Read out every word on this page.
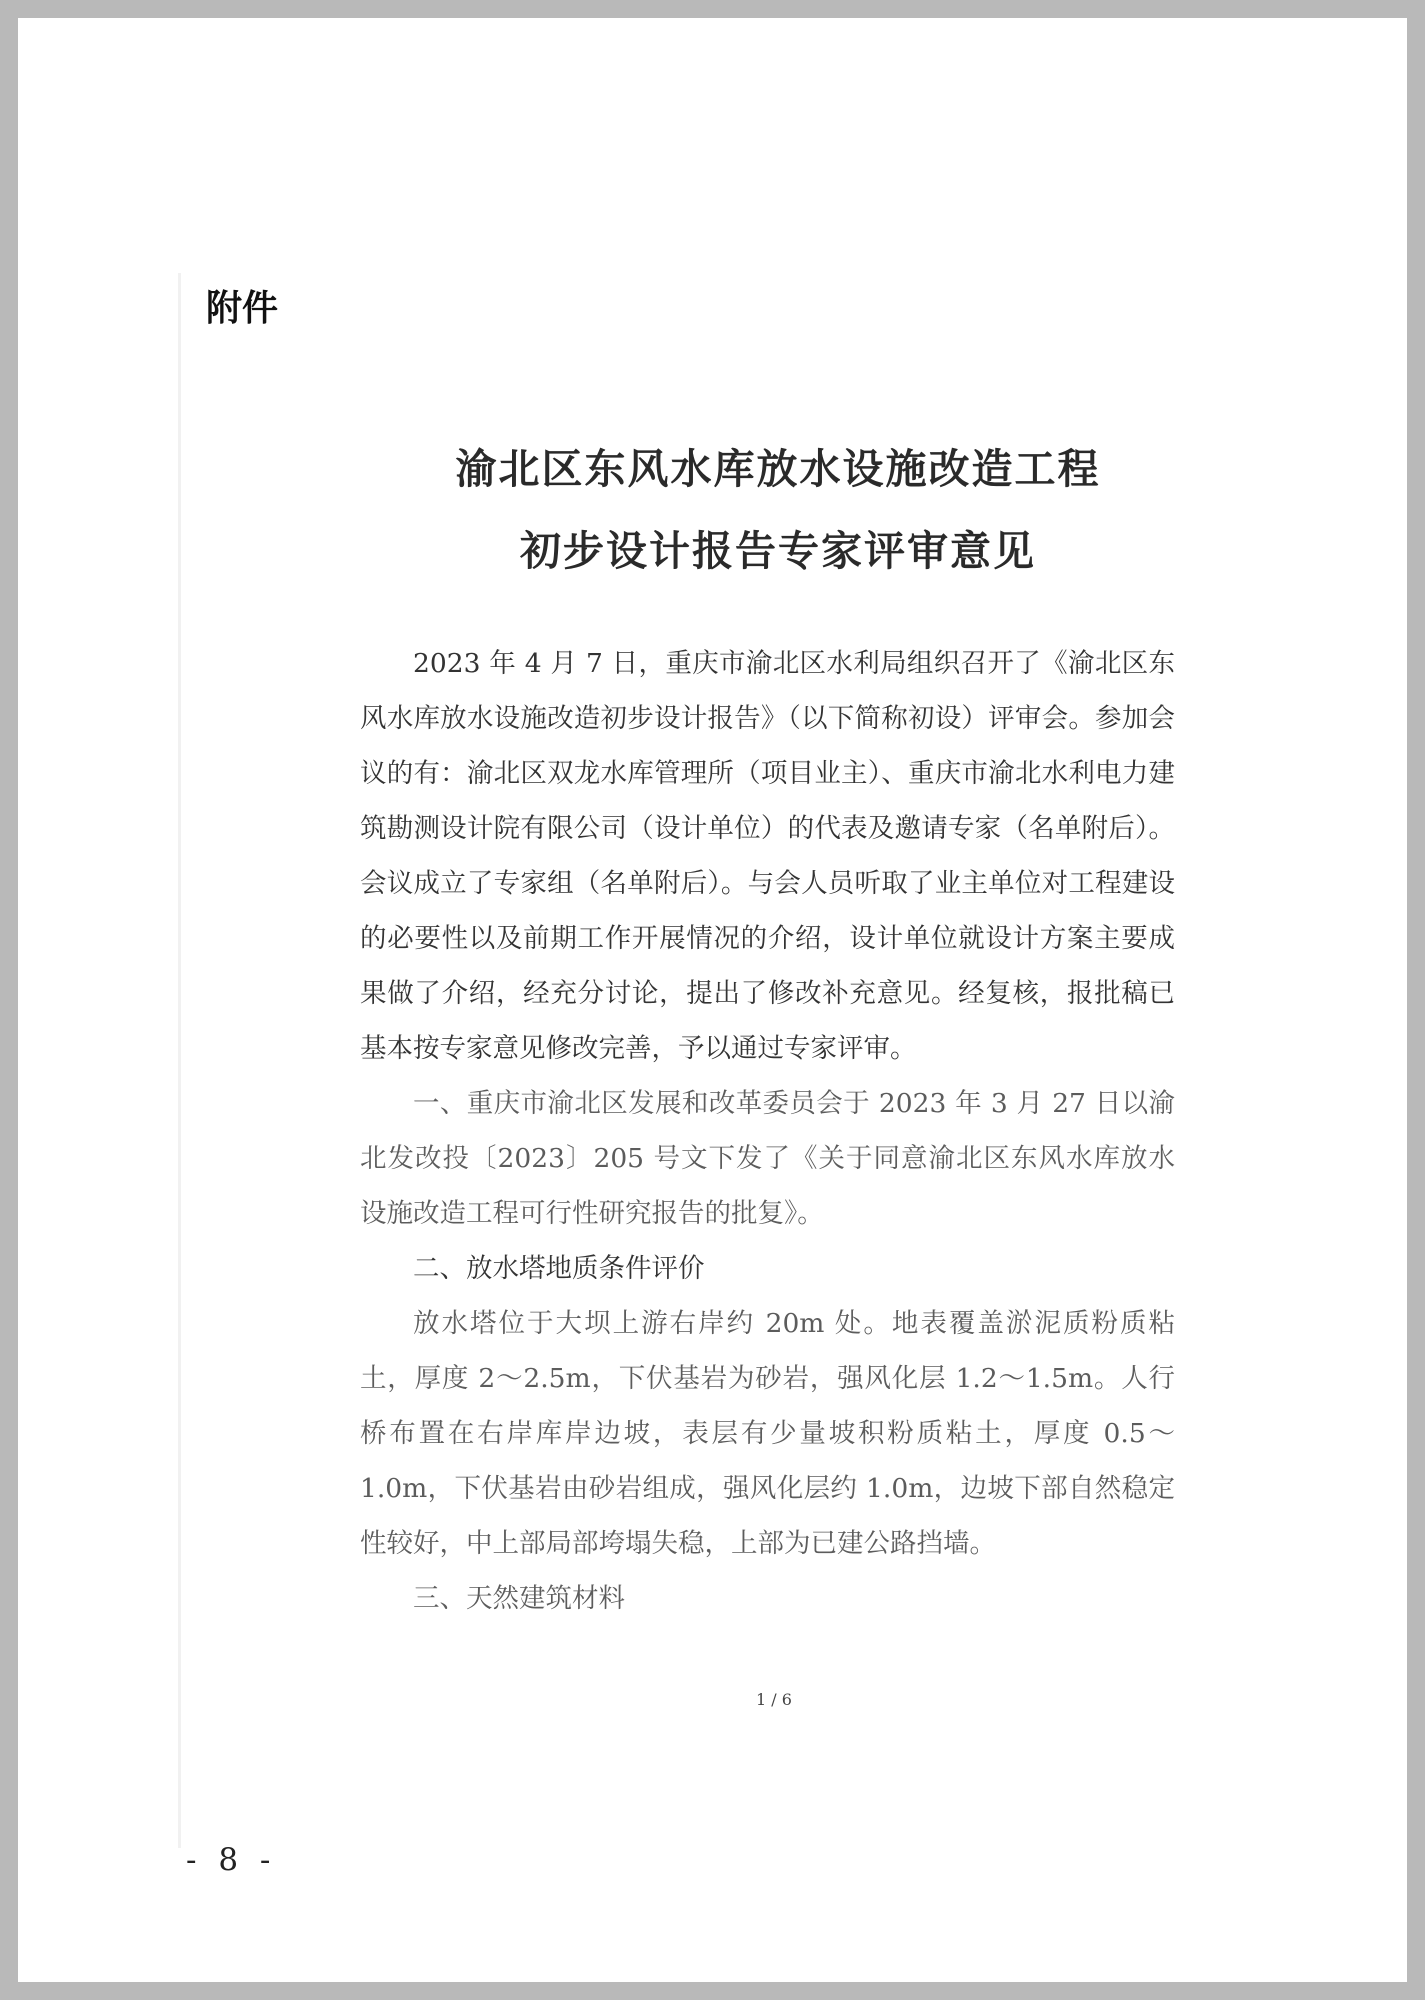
附件

渝北区东风水库放水设施改造工程
初步设计报告专家评审意见

2023 年 4 月 7 日，重庆市渝北区水利局组织召开了《渝北区东风水库放水设施改造初步设计报告》（以下简称初设）评审会。参加会议的有：渝北区双龙水库管理所（项目业主）、重庆市渝北水利电力建筑勘测设计院有限公司（设计单位）的代表及邀请专家（名单附后）。会议成立了专家组（名单附后）。与会人员听取了业主单位对工程建设的必要性以及前期工作开展情况的介绍，设计单位就设计方案主要成果做了介绍，经充分讨论，提出了修改补充意见。经复核，报批稿已基本按专家意见修改完善，予以通过专家评审。

一、重庆市渝北区发展和改革委员会于 2023 年 3 月 27 日以渝北发改投〔2023〕205 号文下发了《关于同意渝北区东风水库放水设施改造工程可行性研究报告的批复》。

二、放水塔地质条件评价

放水塔位于大坝上游右岸约 20m 处。地表覆盖淤泥质粉质粘土，厚度 2～2.5m，下伏基岩为砂岩，强风化层 1.2～1.5m。人行桥布置在右岸库岸边坡，表层有少量坡积粉质粘土，厚度 0.5～1.0m，下伏基岩由砂岩组成，强风化层约 1.0m，边坡下部自然稳定性较好，中上部局部垮塌失稳，上部为已建公路挡墙。

三、天然建筑材料

1 / 6
- 8 -
